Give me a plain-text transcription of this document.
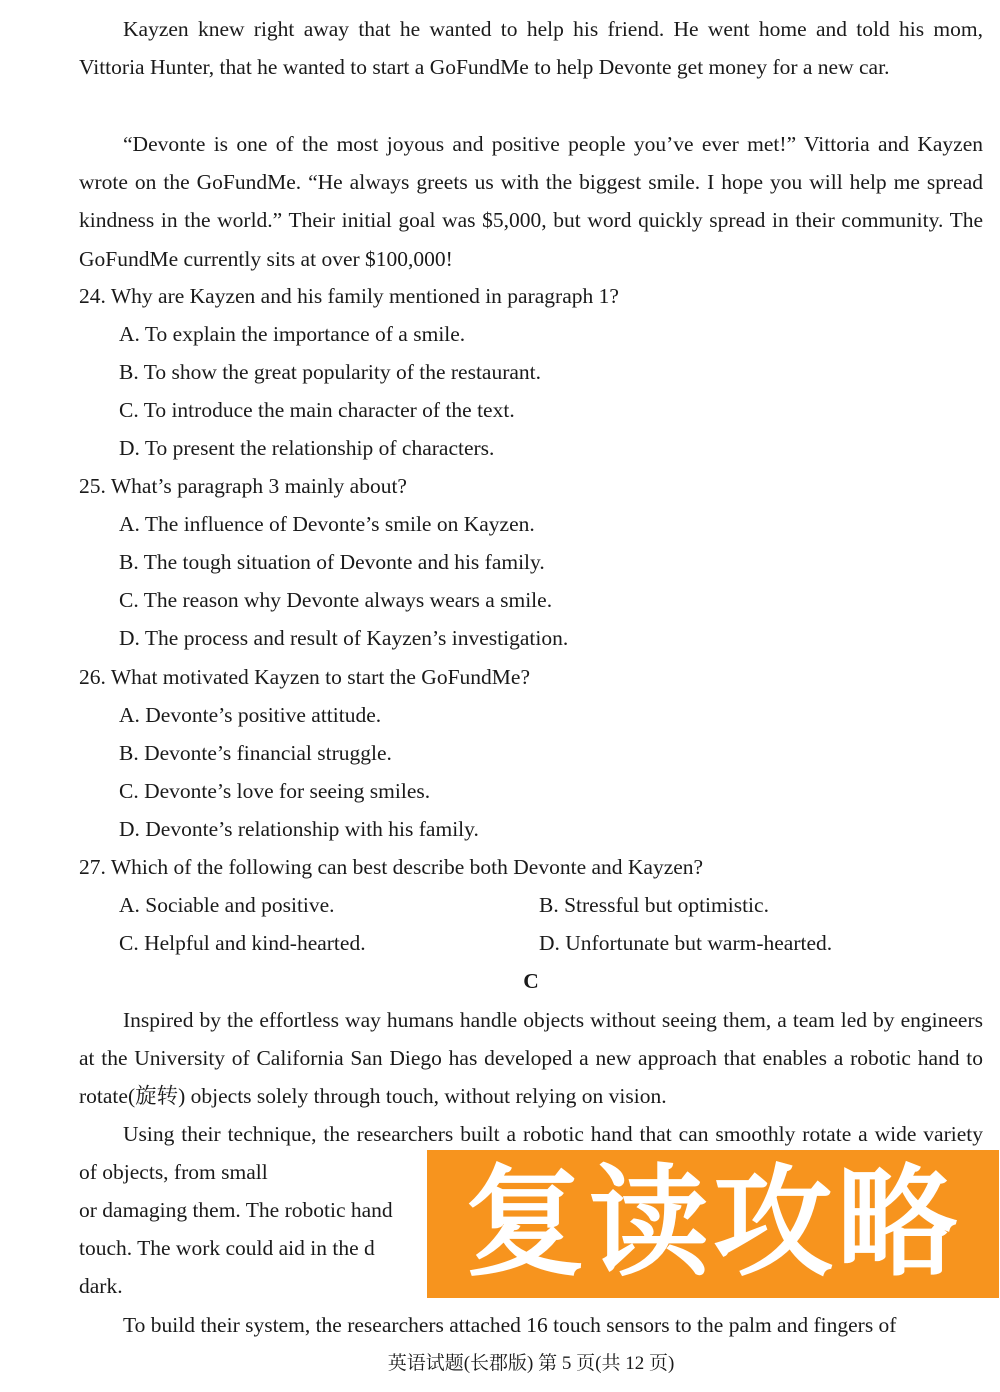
Kayzen knew right away that he wanted to help his friend. He went home and told his mom, Vittoria Hunter, that he wanted to start a GoFundMe to help Devonte get money for a new car.

“Devonte is one of the most joyous and positive people you’ve ever met!” Vittoria and Kayzen wrote on the GoFundMe. “He always greets us with the biggest smile. I hope you will help me spread kindness in the world.” Their initial goal was $5,000, but word quickly spread in their community. The GoFundMe currently sits at over $100,000!

24. Why are Kayzen and his family mentioned in paragraph 1?
A. To explain the importance of a smile.
B. To show the great popularity of the restaurant.
C. To introduce the main character of the text.
D. To present the relationship of characters.
25. What’s paragraph 3 mainly about?
A. The influence of Devonte’s smile on Kayzen.
B. The tough situation of Devonte and his family.
C. The reason why Devonte always wears a smile.
D. The process and result of Kayzen’s investigation.
26. What motivated Kayzen to start the GoFundMe?
A. Devonte’s positive attitude.
B. Devonte’s financial struggle.
C. Devonte’s love for seeing smiles.
D. Devonte’s relationship with his family.
27. Which of the following can best describe both Devonte and Kayzen?
A. Sociable and positive.	B. Stressful but optimistic.
C. Helpful and kind-hearted.	D. Unfortunate but warm-hearted.
C

Inspired by the effortless way humans handle objects without seeing them, a team led by engineers at the University of California San Diego has developed a new approach that enables a robotic hand to rotate(旋转) objects solely through touch, without relying on vision.

Using their technique, the researchers built a robotic hand that can smoothly rotate a wide variety of objects, from small

or damaging them. The robotic hand
touch. The work could aid in the d
dark.

To build their system, the researchers attached 16 touch sensors to the palm and fingers of

复读攻略
英语试题(长郡版) 第 5 页(共 12 页)
